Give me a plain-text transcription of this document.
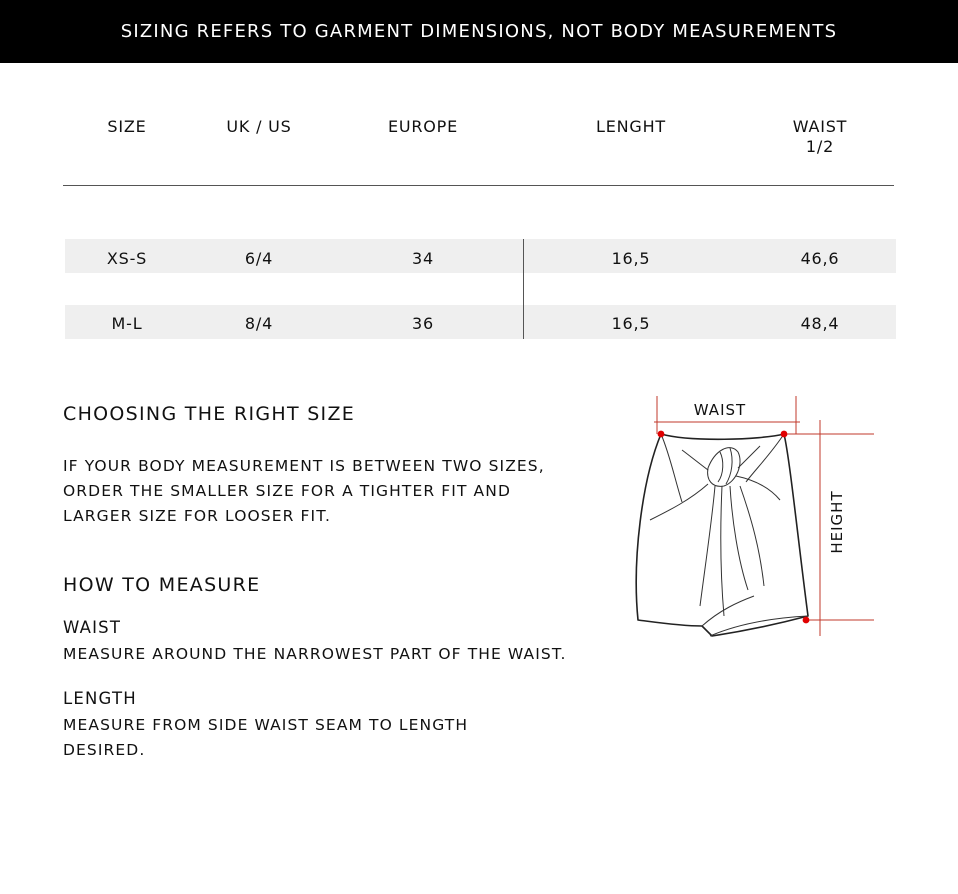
SIZING REFERS TO GARMENT DIMENSIONS, NOT BODY MEASUREMENTS
SIZE	UK / US	EUROPE	LENGHT	WAIST
1/2
XS-S	6/4	34	16,5	46,6
M-L	8/4	36	16,5	48,4
CHOOSING THE RIGHT SIZE
IF YOUR BODY MEASUREMENT IS BETWEEN TWO SIZES,
ORDER THE SMALLER SIZE FOR A TIGHTER FIT AND
LARGER SIZE FOR LOOSER FIT.
HOW TO MEASURE
WAIST
MEASURE AROUND THE NARROWEST PART OF THE WAIST.
LENGTH
MEASURE FROM SIDE WAIST SEAM TO LENGTH
DESIRED.
WAIST
HEIGHT
